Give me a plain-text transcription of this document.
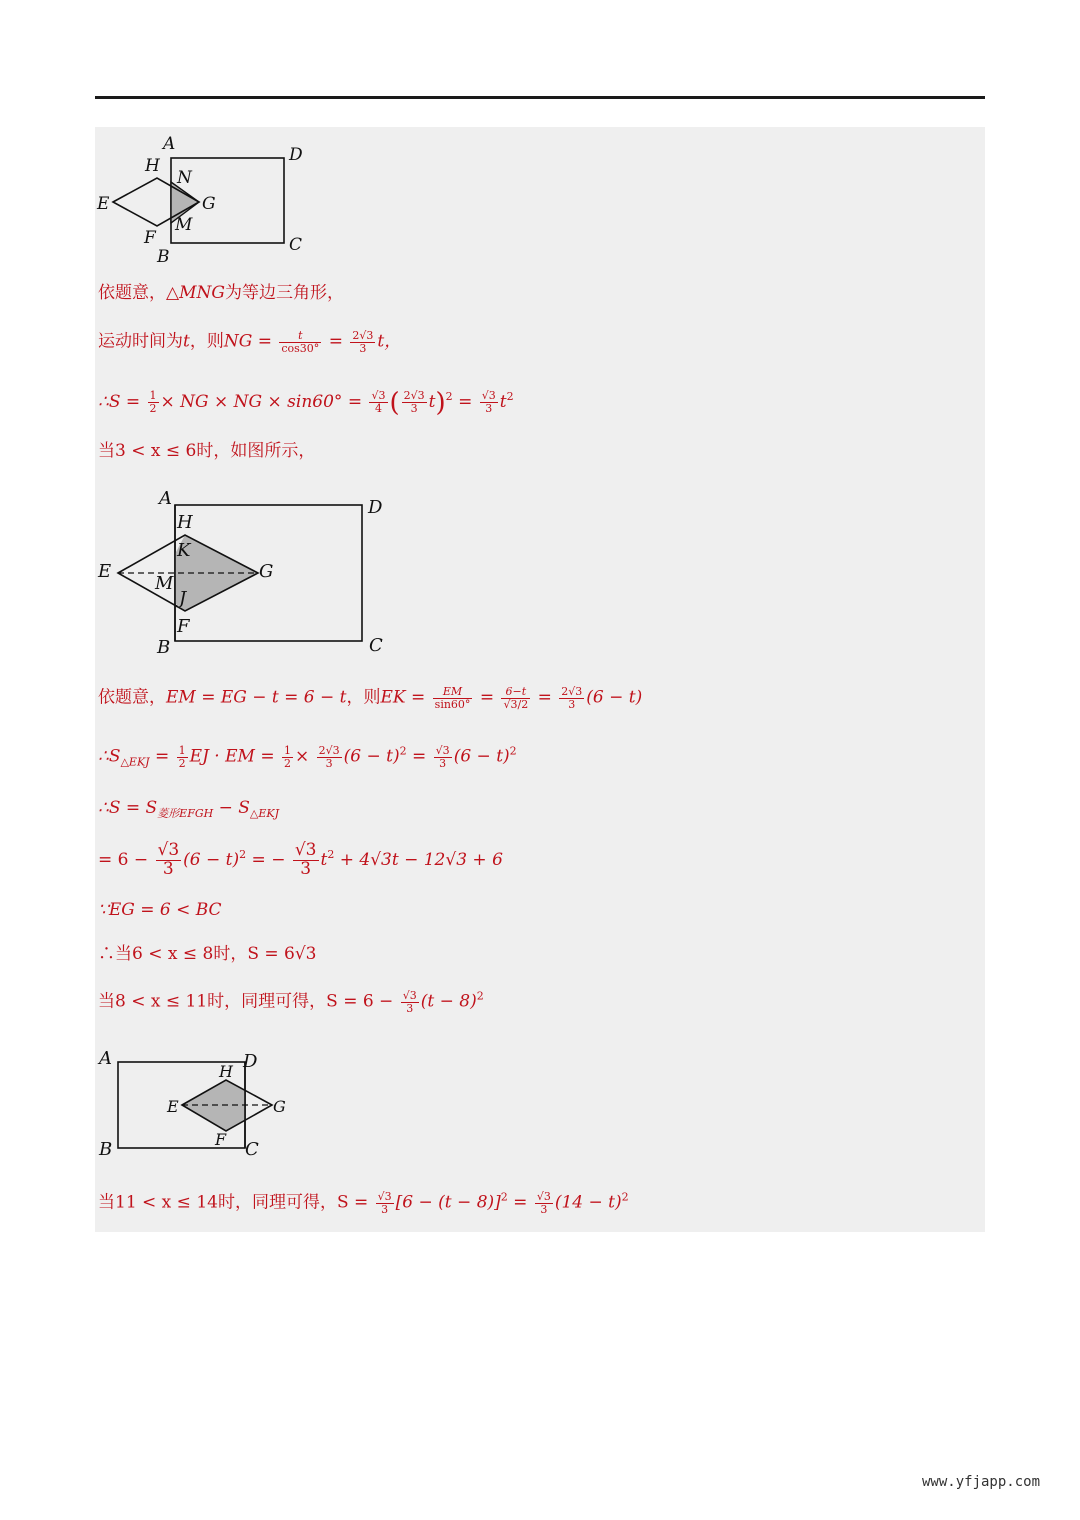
A
D
H
N
E	G
M
F	C
B
依题意，△MNG为等边三角形，
运动时间为t，则NG = $\frac{t}{\cos 30^\circ} = \frac{2√3}{3}$ t，
∴S = $\frac{1}{2}$ × NG × NG × $\sin 60^\circ = \frac{√3}{4}$ ( $\frac{2√3}{3} t)^2 = \frac{√3}{3} t^2$
当3 < x ≤ 6时，如图所示，
A	D
H
K
E
M
G
J
F
B	C
依题意，EM = EG − t = 6 − t，则EK = $\frac{EM}{\sin 60^\circ} = \frac{6-t}{√3/2} = \frac{2√3}{3} (6 - t)$
$\therefore S_{\triangle EKJ} = \frac{1}{2}$ EJ · EM = $\frac{1}{2} \times \frac{2√3}{3} (6 - t)^2 = \frac{√3}{3} (6 - t)^2$
∴S = $S_{菱形EFGH} - S_{\triangle EKJ}$
= $6 - \frac{√3}{3} (6 - t)^2$ = − $\frac{√3}{3} t^2 + 4√3t - 12√3 + 6$
∵EG = 6 < BC
∴当6 < x ≤ 8时，S = 6√3
当8 < x ≤ 11时，同理可得，$S = 6 - \frac{√3}{3} (t - 8)^2$
A
H D
E	G
B	F C
当11 < x ≤ 14时，同理可得，$S = \frac{√3}{3} [6 - (t - 8)]^2 = \frac{√3}{3} (14 - t)^2$
www.yfjapp.com
